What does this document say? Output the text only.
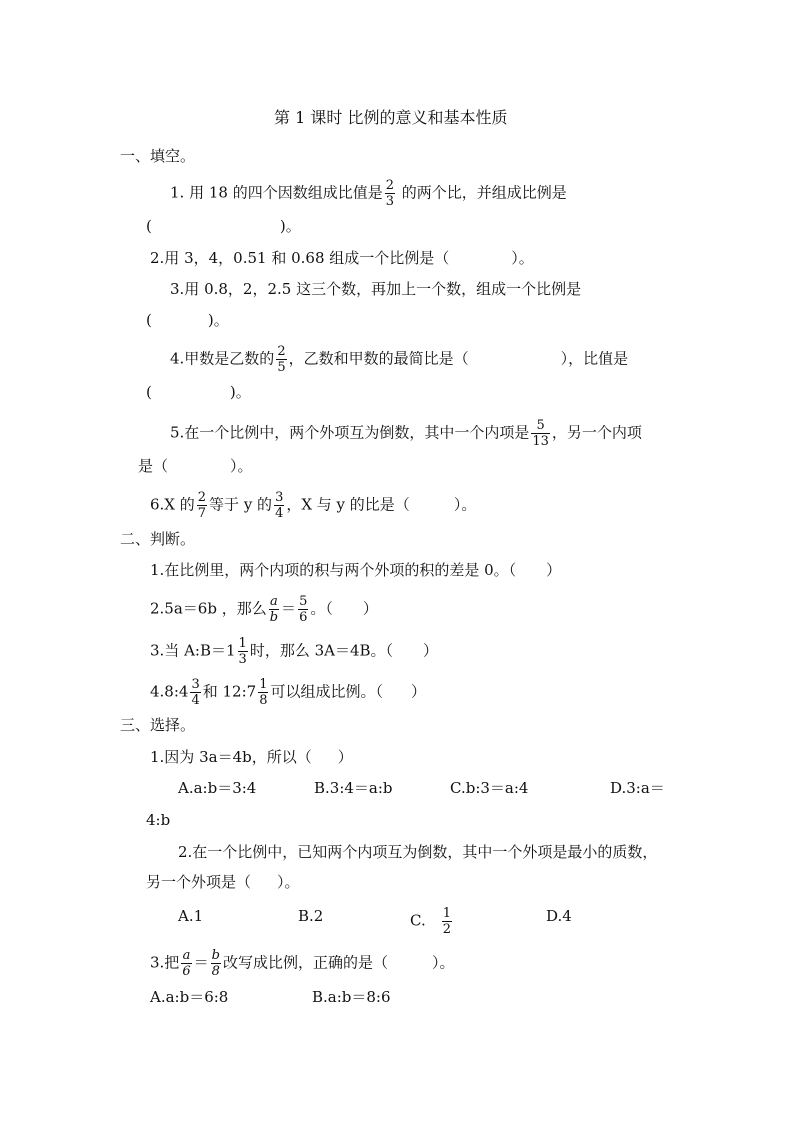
第 1 课时 比例的意义和基本性质
一、填空。
1. 用 18 的四个因数组成比值是 $\frac{2}{3}$ 的两个比，并组成比例是
(	)。
2.用 3，4，0.51 和 0.68 组成一个比例是（	）。
3.用 0.8，2，2.5 这三个数，再加上一个数，组成一个比例是
(	)。
4.甲数是乙数的 $\frac{2}{5}$ ，乙数和甲数的最简比是（	），比值是
(	)。
5.在一个比例中，两个外项互为倒数，其中一个内项是 $\frac{5}{13}$ ，另一个内项
是（	）。
6.X 的 $\frac{2}{7}$ 等于 y 的 $\frac{3}{4}$ ，X 与 y 的比是（	）。
二、判断。
1.在比例里，两个内项的积与两个外项的积的差是 0。（ ）
2.5a＝6b ，那么 $\frac{a}{b} = \frac{5}{6}$ 。（ ）
3.当 A:B＝1 $\frac{1}{3}$ 时，那么 3A＝4B。（ ）
4.8:4 $\frac{3}{4}$ 和 12:7 $\frac{1}{8}$ 可以组成比例。（ ）
三、选择。
1.因为 3a＝4b，所以（ ）
A.a:b＝3:4	B.3:4＝a:b	C.b:3＝a:4	D.3:a＝
4:b
2.在一个比例中，已知两个内项互为倒数，其中一个外项是最小的质数，
另一个外项是（ ）。
A.1	B.2	C. $\frac{1}{2}$	D.4
3.把 $\frac{a}{6} = \frac{b}{8}$ 改写成比例，正确的是（	）。
A.a:b＝6:8	B.a:b＝8:6
